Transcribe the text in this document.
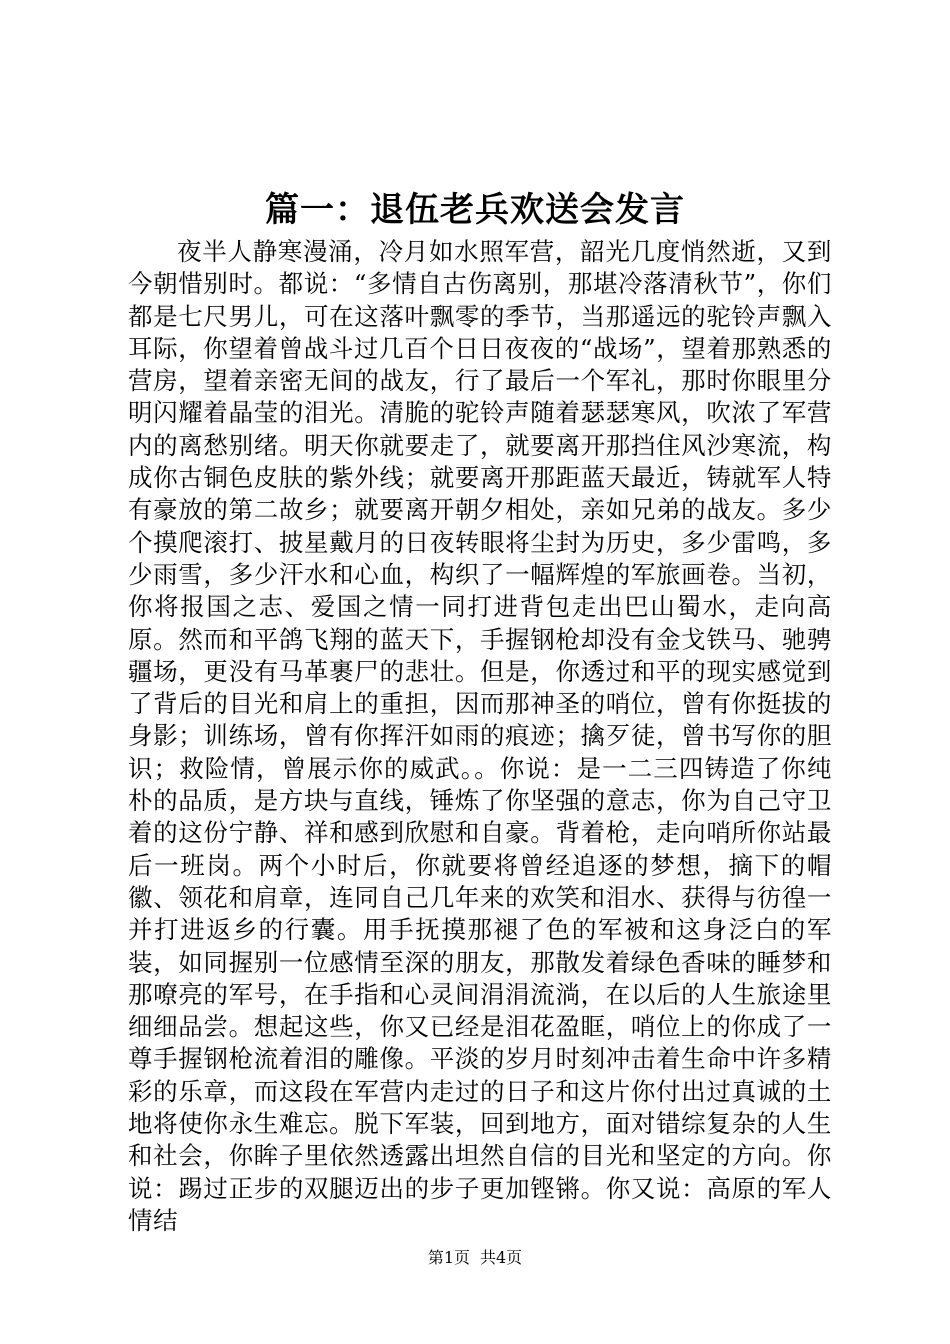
篇一：退伍老兵欢送会发言

夜半人静寒漫涌，冷月如水照军营，韶光几度悄然逝，又到今朝惜别时。都说：“多情自古伤离别，那堪冷落清秋节”，你们都是七尺男儿，可在这落叶飘零的季节，当那遥远的驼铃声飘入耳际，你望着曾战斗过几百个日日夜夜的“战场”，望着那熟悉的营房，望着亲密无间的战友，行了最后一个军礼，那时你眼里分明闪耀着晶莹的泪光。清脆的驼铃声随着瑟瑟寒风，吹浓了军营内的离愁别绪。明天你就要走了，就要离开那挡住风沙寒流，构成你古铜色皮肤的紫外线；就要离开那距蓝天最近，铸就军人特有豪放的第二故乡；就要离开朝夕相处，亲如兄弟的战友。多少个摸爬滚打、披星戴月的日夜转眼将尘封为历史，多少雷鸣，多少雨雪，多少汗水和心血，构织了一幅辉煌的军旅画卷。当初，你将报国之志、爱国之情一同打进背包走出巴山蜀水，走向高原。然而和平鸽飞翔的蓝天下，手握钢枪却没有金戈铁马、驰骋疆场，更没有马革裹尸的悲壮。但是，你透过和平的现实感觉到了背后的目光和肩上的重担，因而那神圣的哨位，曾有你挺拔的身影；训练场，曾有你挥汗如雨的痕迹；擒歹徒，曾书写你的胆识；救险情，曾展示你的威武。。你说：是一二三四铸造了你纯朴的品质，是方块与直线，锤炼了你坚强的意志，你为自己守卫着的这份宁静、祥和感到欣慰和自豪。背着枪，走向哨所你站最后一班岗。两个小时后，你就要将曾经追逐的梦想，摘下的帽徽、领花和肩章，连同自己几年来的欢笑和泪水、获得与彷徨一并打进返乡的行囊。用手抚摸那褪了色的军被和这身泛白的军装，如同握别一位感情至深的朋友，那散发着绿色香味的睡梦和那嘹亮的军号，在手指和心灵间涓涓流淌，在以后的人生旅途里细细品尝。想起这些，你又已经是泪花盈眶，哨位上的你成了一尊手握钢枪流着泪的雕像。平淡的岁月时刻冲击着生命中许多精彩的乐章，而这段在军营内走过的日子和这片你付出过真诚的土地将使你永生难忘。脱下军装，回到地方，面对错综复杂的人生和社会，你眸子里依然透露出坦然自信的目光和坚定的方向。你说：踢过正步的双腿迈出的步子更加铿锵。你又说：高原的军人情结

第1页 共4页
